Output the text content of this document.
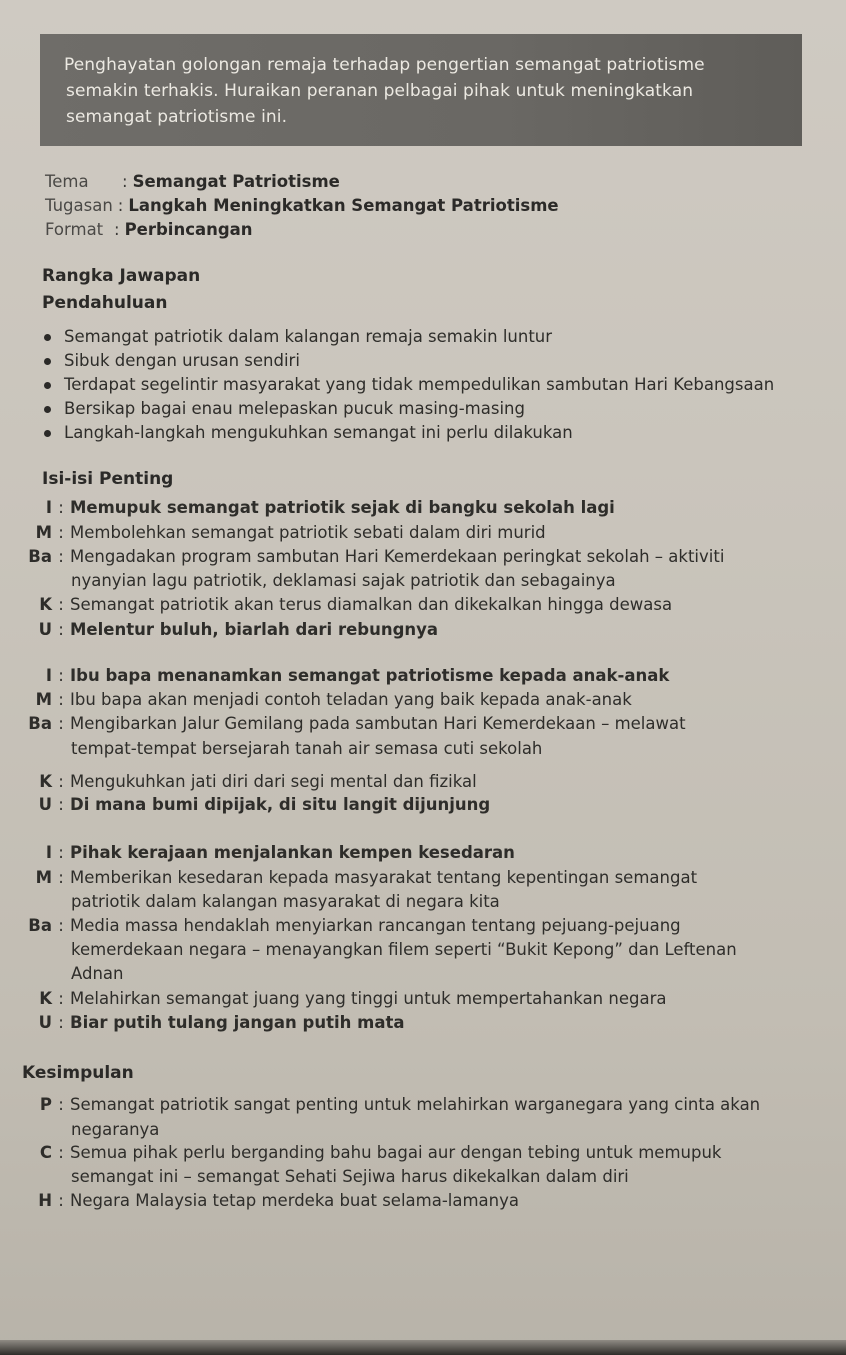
Penghayatan golongan remaja terhadap pengertian semangat patriotisme
semakin terhakis. Huraikan peranan pelbagai pihak untuk meningkatkan
semangat patriotisme ini.
Tema : Semangat Patriotisme
Tugasan : Langkah Meningkatkan Semangat Patriotisme
Format : Perbincangan
Rangka Jawapan
Pendahuluan
Semangat patriotik dalam kalangan remaja semakin luntur
Sibuk dengan urusan sendiri
Terdapat segelintir masyarakat yang tidak mempedulikan sambutan Hari Kebangsaan
Bersikap bagai enau melepaskan pucuk masing-masing
Langkah-langkah mengukuhkan semangat ini perlu dilakukan
Isi-isi Penting
I : Memupuk semangat patriotik sejak di bangku sekolah lagi
M : Membolehkan semangat patriotik sebati dalam diri murid
Ba : Mengadakan program sambutan Hari Kemerdekaan peringkat sekolah – aktiviti
nyanyian lagu patriotik, deklamasi sajak patriotik dan sebagainya
K : Semangat patriotik akan terus diamalkan dan dikekalkan hingga dewasa
U : Melentur buluh, biarlah dari rebungnya
I : Ibu bapa menanamkan semangat patriotisme kepada anak-anak
M : Ibu bapa akan menjadi contoh teladan yang baik kepada anak-anak
Ba : Mengibarkan Jalur Gemilang pada sambutan Hari Kemerdekaan – melawat
tempat-tempat bersejarah tanah air semasa cuti sekolah
K : Mengukuhkan jati diri dari segi mental dan fizikal
U : Di mana bumi dipijak, di situ langit dijunjung
I : Pihak kerajaan menjalankan kempen kesedaran
M : Memberikan kesedaran kepada masyarakat tentang kepentingan semangat
patriotik dalam kalangan masyarakat di negara kita
Ba : Media massa hendaklah menyiarkan rancangan tentang pejuang-pejuang
kemerdekaan negara – menayangkan filem seperti “Bukit Kepong” dan Leftenan
Adnan
K : Melahirkan semangat juang yang tinggi untuk mempertahankan negara
U : Biar putih tulang jangan putih mata
Kesimpulan
P : Semangat patriotik sangat penting untuk melahirkan warganegara yang cinta akan
negaranya
C : Semua pihak perlu berganding bahu bagai aur dengan tebing untuk memupuk
semangat ini – semangat Sehati Sejiwa harus dikekalkan dalam diri
H : Negara Malaysia tetap merdeka buat selama-lamanya
